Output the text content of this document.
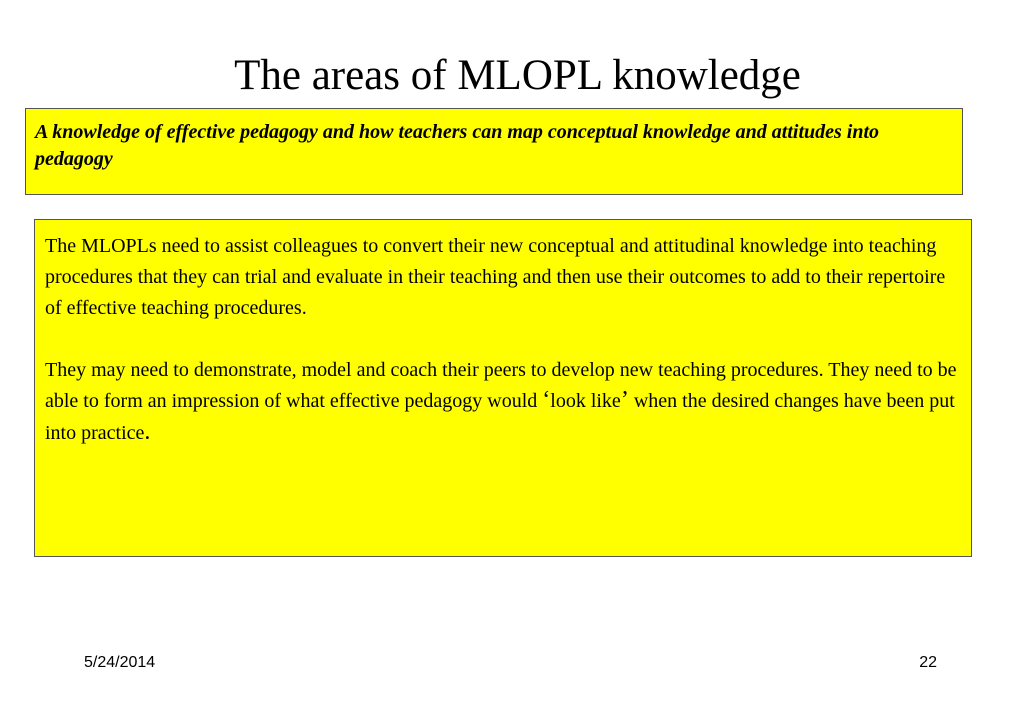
The areas of MLOPL knowledge
A knowledge of effective pedagogy and how teachers can map conceptual knowledge and attitudes into pedagogy

The MLOPLs need to assist colleagues to convert their new conceptual and attitudinal knowledge into teaching procedures that they can trial and evaluate in their teaching and then use their outcomes to add to their repertoire of effective teaching procedures.

They may need to demonstrate, model and coach their peers to develop new teaching procedures. They need to be able to form an impression of what effective pedagogy would ‘look like’ when the desired changes have been put into practice.

5/24/2014	22
